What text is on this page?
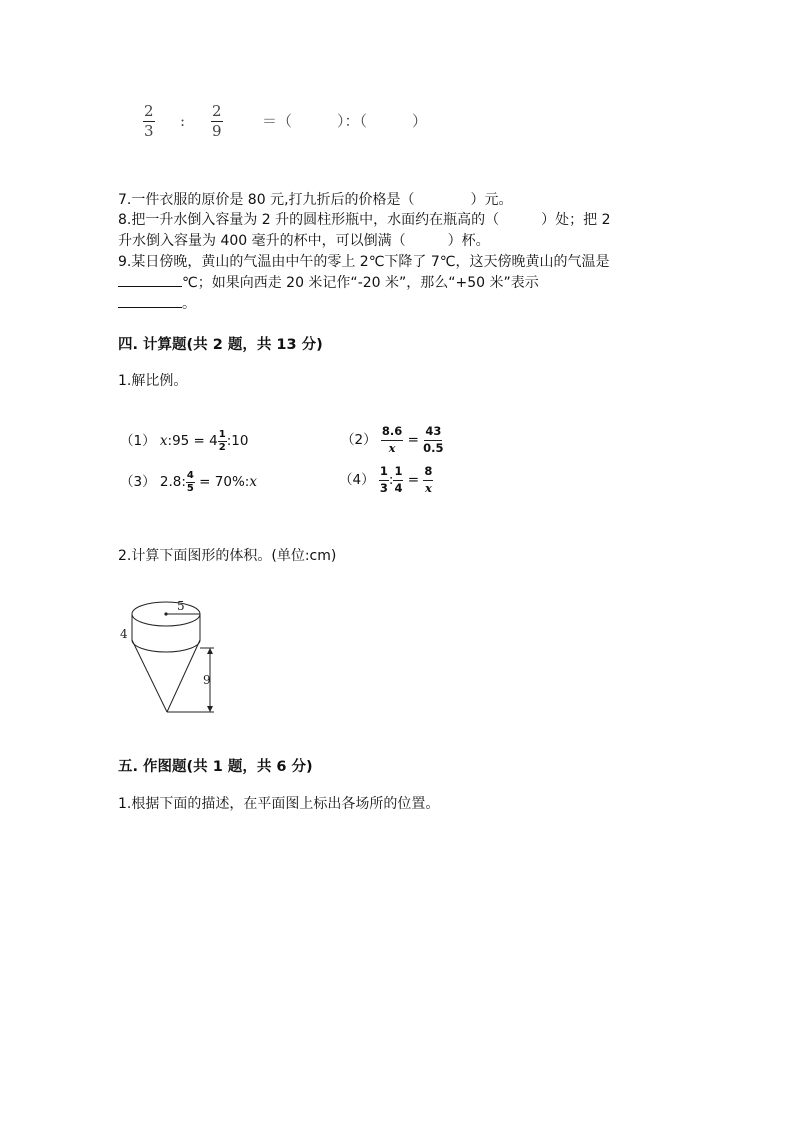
$\frac{2}{3}$ : $\frac{2}{9}$	＝（　　　）：（　　　）
7.一件衣服的原价是 80 元,打九折后的价格是（　　　　）元。
8.把一升水倒入容量为 2 升的圆柱形瓶中，水面约在瓶高的（　　　）处；把 2
升水倒入容量为 400 毫升的杯中，可以倒满（　　　）杯。
9.某日傍晚，黄山的气温由中午的零上 2℃下降了 7℃，这天傍晚黄山的气温是
℃；如果向西走 20 米记作“-20 米”，那么“+50 米”表示
。
四. 计算题(共 2 题，共 13 分)
1.解比例。
（1） x:95 = $4 \frac{1}{2}$ :10	$(2) \frac{8.6}{x} = \frac{43}{0.5}$
（3） 2.8: $\frac{4}{5}$ = 70%:x	$(4) \frac{1}{3}$ : $\frac{1}{4} = \frac{8}{x}$
2.计算下面图形的体积。(单位:cm)
5
4
9
五. 作图题(共 1 题，共 6 分)
1.根据下面的描述，在平面图上标出各场所的位置。
